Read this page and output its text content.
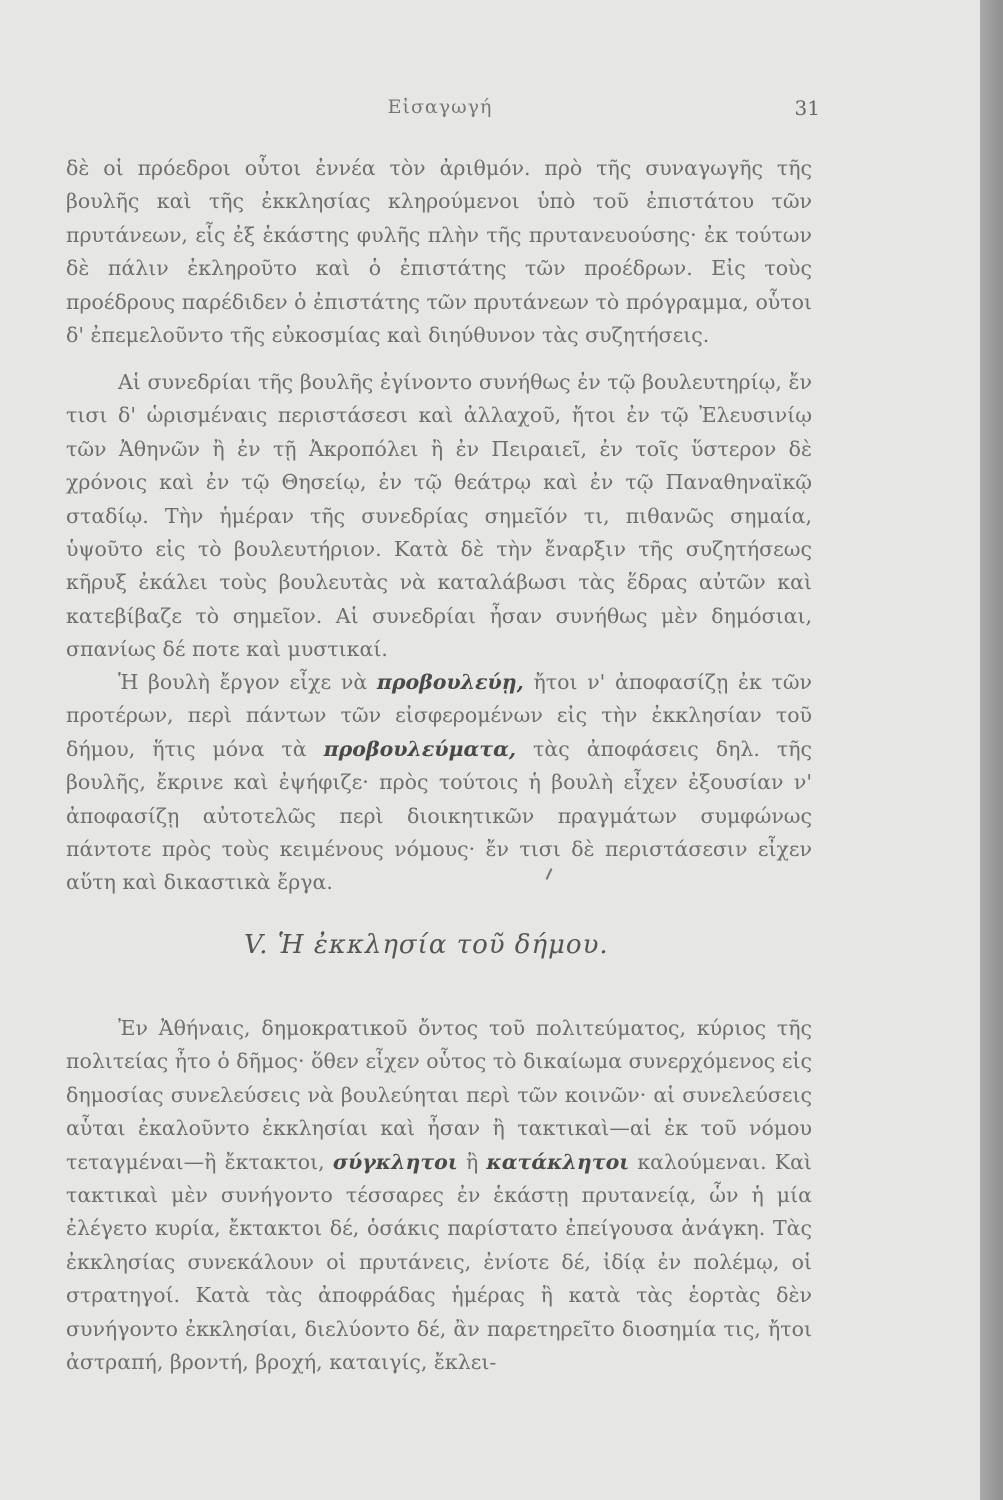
Εἰσαγωγή	31

δὲ οἱ πρόεδροι οὗτοι ἐννέα τὸν ἀριθμόν. πρὸ τῆς συναγωγῆς τῆς βουλῆς καὶ τῆς ἐκκλησίας κληρούμενοι ὑπὸ τοῦ ἐπιστάτου τῶν πρυτάνεων, εἷς ἐξ ἑκάστης φυλῆς πλὴν τῆς πρυτανευούσης· ἐκ τούτων δὲ πάλιν ἐκληροῦτο καὶ ὁ ἐπιστάτης τῶν προέδρων. Εἰς τοὺς προέδρους παρέδιδεν ὁ ἐπιστάτης τῶν πρυτάνεων τὸ πρόγραμμα, οὗτοι δ' ἐπεμελοῦντο τῆς εὐκοσμίας καὶ διηύθυνον τὰς συζητήσεις.

Αἱ συνεδρίαι τῆς βουλῆς ἐγίνοντο συνήθως ἐν τῷ βουλευτηρίῳ, ἔν τισι δ' ὡρισμέναις περιστάσεσι καὶ ἀλλαχοῦ, ἤτοι ἐν τῷ Ἐλευσινίῳ τῶν Ἀθηνῶν ἢ ἐν τῇ Ἀκροπόλει ἢ ἐν Πειραιεῖ, ἐν τοῖς ὕστερον δὲ χρόνοις καὶ ἐν τῷ Θησείῳ, ἐν τῷ θεάτρῳ καὶ ἐν τῷ Παναθηναϊκῷ σταδίῳ. Τὴν ἡμέραν τῆς συνεδρίας σημεῖόν τι, πιθανῶς σημαία, ὑψοῦτο εἰς τὸ βουλευτήριον. Κατὰ δὲ τὴν ἔναρξιν τῆς συζητήσεως κῆρυξ ἐκάλει τοὺς βουλευτὰς νὰ καταλάβωσι τὰς ἕδρας αὐτῶν καὶ κατεβίβαζε τὸ σημεῖον. Αἱ συνεδρίαι ἦσαν συνήθως μὲν δημόσιαι, σπανίως δέ ποτε καὶ μυστικαί.

Ἡ βουλὴ ἔργον εἶχε νὰ προβουλεύῃ, ἤτοι ν' ἀποφασίζῃ ἐκ τῶν προτέρων, περὶ πάντων τῶν εἰσφερομένων εἰς τὴν ἐκκλησίαν τοῦ δήμου, ἥτις μόνα τὰ προβουλεύματα, τὰς ἀποφάσεις δηλ. τῆς βουλῆς, ἔκρινε καὶ ἐψήφιζε· πρὸς τούτοις ἡ βουλὴ εἶχεν ἐξουσίαν ν' ἀποφασίζῃ αὐτοτελῶς περὶ διοικητικῶν πραγμάτων συμφώνως πάντοτε πρὸς τοὺς κειμένους νόμους· ἔν τισι δὲ περιστάσεσιν εἶχεν αὕτη καὶ δικαστικὰ ἔργα.

V. Ἡ ἐκκλησία τοῦ δήμου.

Ἐν Ἀθήναις, δημοκρατικοῦ ὄντος τοῦ πολιτεύματος, κύριος τῆς πολιτείας ἦτο ὁ δῆμος· ὅθεν εἶχεν οὗτος τὸ δικαίωμα συνερχόμενος εἰς δημοσίας συνελεύσεις νὰ βουλεύηται περὶ τῶν κοινῶν· αἱ συνελεύσεις αὗται ἐκαλοῦντο ἐκκλησίαι καὶ ἦσαν ἢ τακτικαὶ—αἱ ἐκ τοῦ νόμου τεταγμέναι—ἢ ἔκτακτοι, σύγκλητοι ἢ κατάκλητοι καλούμεναι. Καὶ τακτικαὶ μὲν συνήγοντο τέσσαρες ἐν ἑκάστῃ πρυτανείᾳ, ὧν ἡ μία ἐλέγετο κυρία, ἔκτακτοι δέ, ὁσάκις παρίστατο ἐπείγουσα ἀνάγκη. Τὰς ἐκκλησίας συνεκάλουν οἱ πρυτάνεις, ἐνίοτε δέ, ἰδίᾳ ἐν πολέμῳ, οἱ στρατηγοί. Κατὰ τὰς ἀποφράδας ἡμέρας ἢ κατὰ τὰς ἑορτὰς δὲν συνήγοντο ἐκκλησίαι, διελύοντο δέ, ἂν παρετηρεῖτο διοσημία τις, ἤτοι ἀστραπή, βροντή, βροχή, καταιγίς, ἔκλει-
